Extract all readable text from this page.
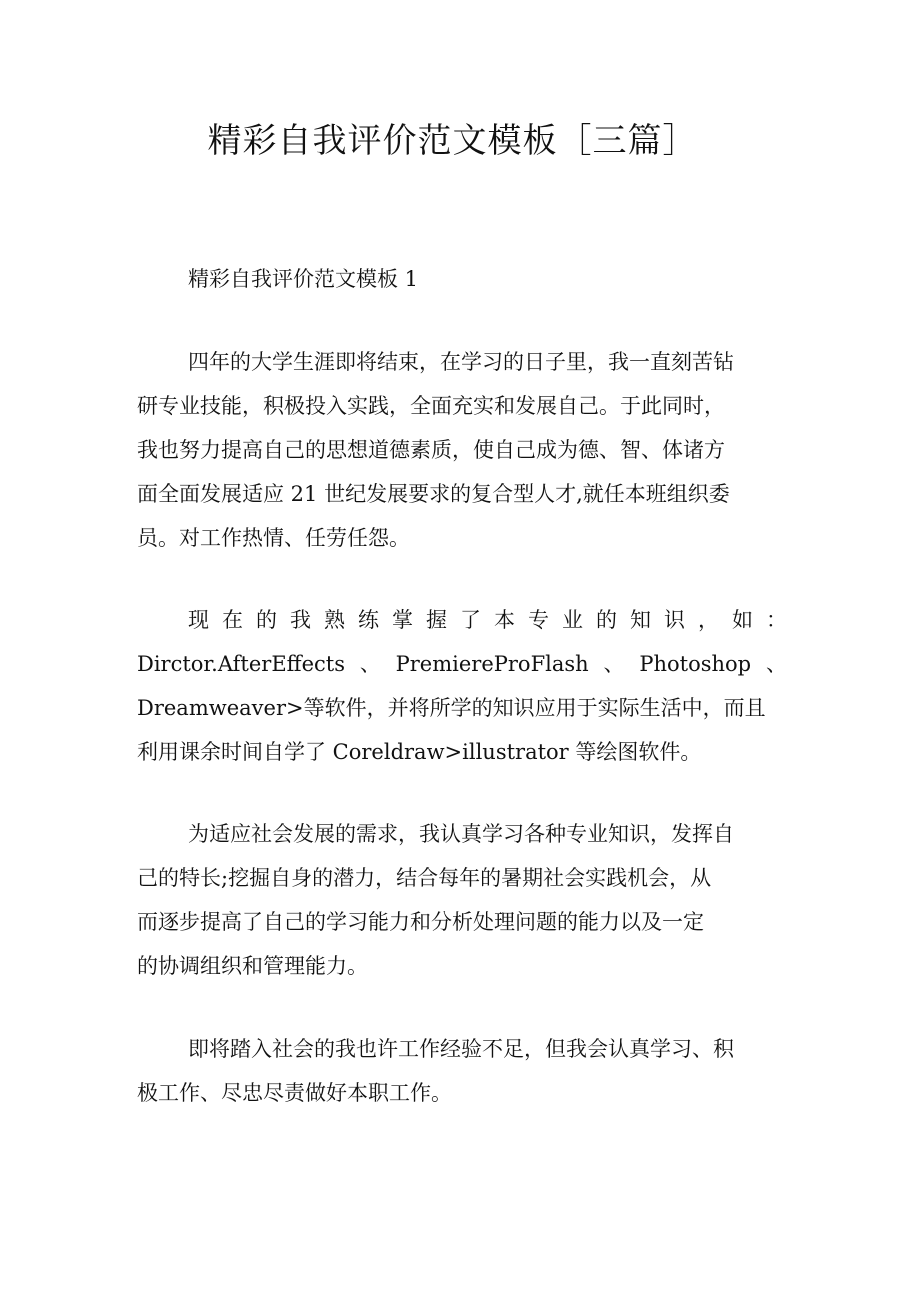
精彩自我评价范文模板［三篇］
精彩自我评价范文模板 1
四年的大学生涯即将结束，在学习的日子里，我一直刻苦钻
研专业技能，积极投入实践，全面充实和发展自己。于此同时，
我也努力提高自己的思想道德素质，使自己成为德、智、体诸方
面全面发展适应 21 世纪发展要求的复合型人才,就任本班组织委
员。对工作热情、任劳任怨。
现 在 的 我 熟 练 掌 握 了 本 专 业 的 知 识 ， 如 ：
Dirctor.AfterEffects 、 PremiereProFlash 、 Photoshop 、
Dreamweaver>等软件，并将所学的知识应用于实际生活中，而且
利用课余时间自学了 Coreldraw>illustrator 等绘图软件。
为适应社会发展的需求，我认真学习各种专业知识，发挥自
己的特长;挖掘自身的潜力，结合每年的暑期社会实践机会，从
而逐步提高了自己的学习能力和分析处理问题的能力以及一定
的协调组织和管理能力。
即将踏入社会的我也许工作经验不足，但我会认真学习、积
极工作、尽忠尽责做好本职工作。
